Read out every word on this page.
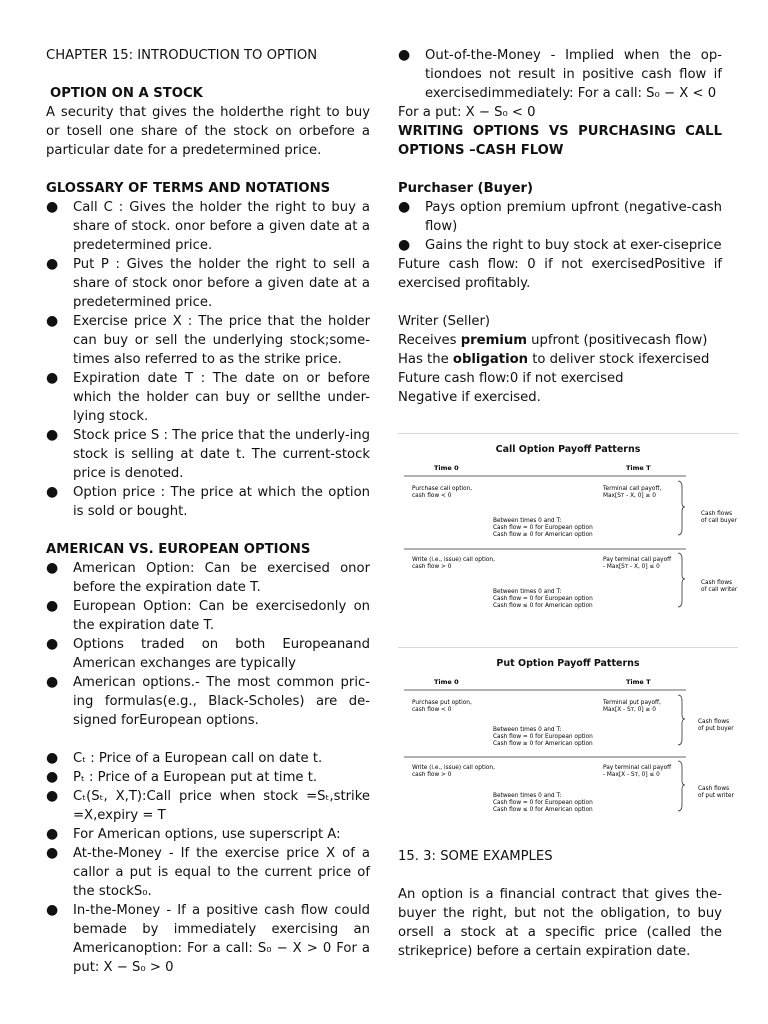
CHAPTER 15: INTRODUCTION TO OPTION

OPTION ON A STOCK

A security that gives the holderthe right to buy or tosell one share of the stock on orbefore a particular date for a predetermined price.

GLOSSARY OF TERMS AND NOTATIONS

● Call C : Gives the holder the right to buy a share of stock. onor before a given date at a predetermined price.
● Put P : Gives the holder the right to sell a share of stock onor before a given date at a predetermined price.
● Exercise price X : The price that the holder can buy or sell the underlying stock;some-times also referred to as the strike price.
● Expiration date T : The date on or before which the holder can buy or sellthe under-lying stock.
● Stock price S : The price that the underly-ing stock is selling at date t. The current-stock price is denoted.
● Option price : The price at which the option is sold or bought.

AMERICAN VS. EUROPEAN OPTIONS

● American Option: Can be exercised onor before the expiration date T.
● European Option: Can be exercisedonly on the expiration date T.
● Options traded on both Europeanand American exchanges are typically
● American options.- The most common pric-ing formulas(e.g., Black-Scholes) are de-signed forEuropean options.
● Cₜ : Price of a European call on date t.
● Pₜ : Price of a European put at time t.
● Cₜ(Sₜ, X,T):Call price when stock =Sₜ,strike =X,expiry = T
● For American options, use superscript A:
● At-the-Money - If the exercise price X of a callor a put is equal to the current price of the stockS₀.
● In-the-Money - If a positive cash flow could bemade by immediately exercising an Americanoption: For a call: S₀ − X > 0 For a put: X − S₀ > 0
● Out-of-the-Money - Implied when the op-tiondoes not result in positive cash flow if exercisedimmediately: For a call: S₀ − X < 0

For a put: X − S₀ < 0

WRITING OPTIONS VS PURCHASING CALL OPTIONS –CASH FLOW

Purchaser (Buyer)

● Pays option premium upfront (negative-cash flow)
● Gains the right to buy stock at exer-ciseprice

Future cash flow: 0 if not exercisedPositive if exercised profitably.

Writer (Seller)

Receives premium upfront (positivecash flow)

Has the obligation to deliver stock ifexercised

Future cash flow:0 if not exercised

Negative if exercised.

Call Option Payoff Patterns
Time 0	Time T
Purchase call option,
cash flow < 0
Terminal call payoff,
Max[Sᴛ - X, 0] ≥ 0
Between times 0 and T:
Cash flow = 0 for European option
Cash flow ≥ 0 for American option
Cash flows
of call buyer
Write (i.e., issue) call option,
cash flow > 0
Pay terminal call payoff
- Max[Sᴛ - X, 0] ≤ 0
Between times 0 and T:
Cash flow = 0 for European option
Cash flow ≤ 0 for American option
Cash flows
of call writer
Put Option Payoff Patterns
Time 0	Time T
Purchase put option,
cash flow < 0
Terminal put payoff,
Max[X - Sᴛ, 0] ≥ 0
Between times 0 and T:
Cash flow = 0 for European option
Cash flow ≥ 0 for American option
Cash flows
of put buyer
Write (i.e., issue) call option,
cash flow > 0
Pay terminal call payoff
- Max[X - Sᴛ, 0] ≤ 0
Between times 0 and T:
Cash flow = 0 for European option
Cash flow ≤ 0 for American option
Cash flows
of put writer

15. 3: SOME EXAMPLES

An option is a financial contract that gives the-buyer the right, but not the obligation, to buy orsell a stock at a specific price (called the strikeprice) before a certain expiration date.
